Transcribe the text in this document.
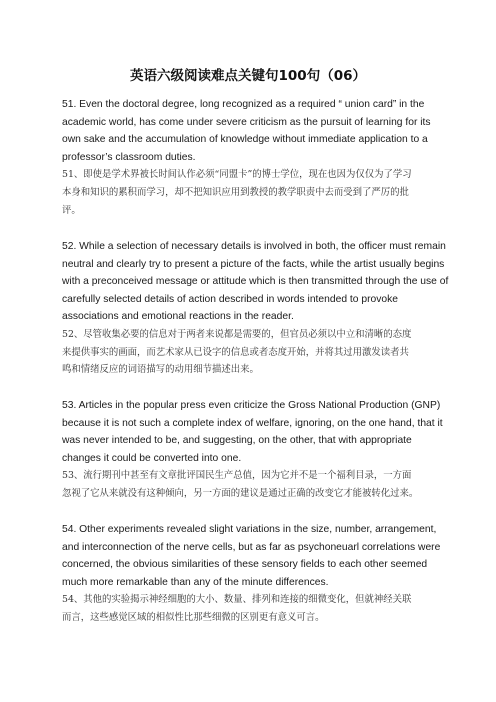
英语六级阅读难点关键句100句（06）
51. Even the doctoral degree, long recognized as a required “ union card” in the
academic world, has come under severe criticism as the pursuit of learning for its
own sake and the accumulation of knowledge without immediate application to a
professor’s classroom duties.
51、即使是学术界被长时间认作必须“同盟卡”的博士学位，现在也因为仅仅为了学习
本身和知识的累积而学习，却不把知识应用到教授的教学职责中去而受到了严厉的批
评。
52. While a selection of necessary details is involved in both, the officer must remain
neutral and clearly try to present a picture of the facts, while the artist usually begins
with a preconceived message or attitude which is then transmitted through the use of
carefully selected details of action described in words intended to provoke
associations and emotional reactions in the reader.
52、尽管收集必要的信息对于两者来说都是需要的，但官员必须以中立和清晰的态度
来提供事实的画面，而艺术家从已设字的信息或者态度开始，并将其过用激发读者共
鸣和情绪反应的词语描写的动用细节描述出来。
53. Articles in the popular press even criticize the Gross National Production (GNP)
because it is not such a complete index of welfare, ignoring, on the one hand, that it
was never intended to be, and suggesting, on the other, that with appropriate
changes it could be converted into one.
53、流行期刊中甚至有文章批评国民生产总值，因为它并不是一个福利目录，一方面
忽视了它从来就没有这种倾向，另一方面的建议是通过正确的改变它才能被转化过来。
54. Other experiments revealed slight variations in the size, number, arrangement,
and interconnection of the nerve cells, but as far as psychoneuarl correlations were
concerned, the obvious similarities of these sensory fields to each other seemed
much more remarkable than any of the minute differences.
54、其他的实验揭示神经细胞的大小、数量、排列和连接的细微变化，但就神经关联
而言，这些感觉区域的相似性比那些细微的区别更有意义可言。
